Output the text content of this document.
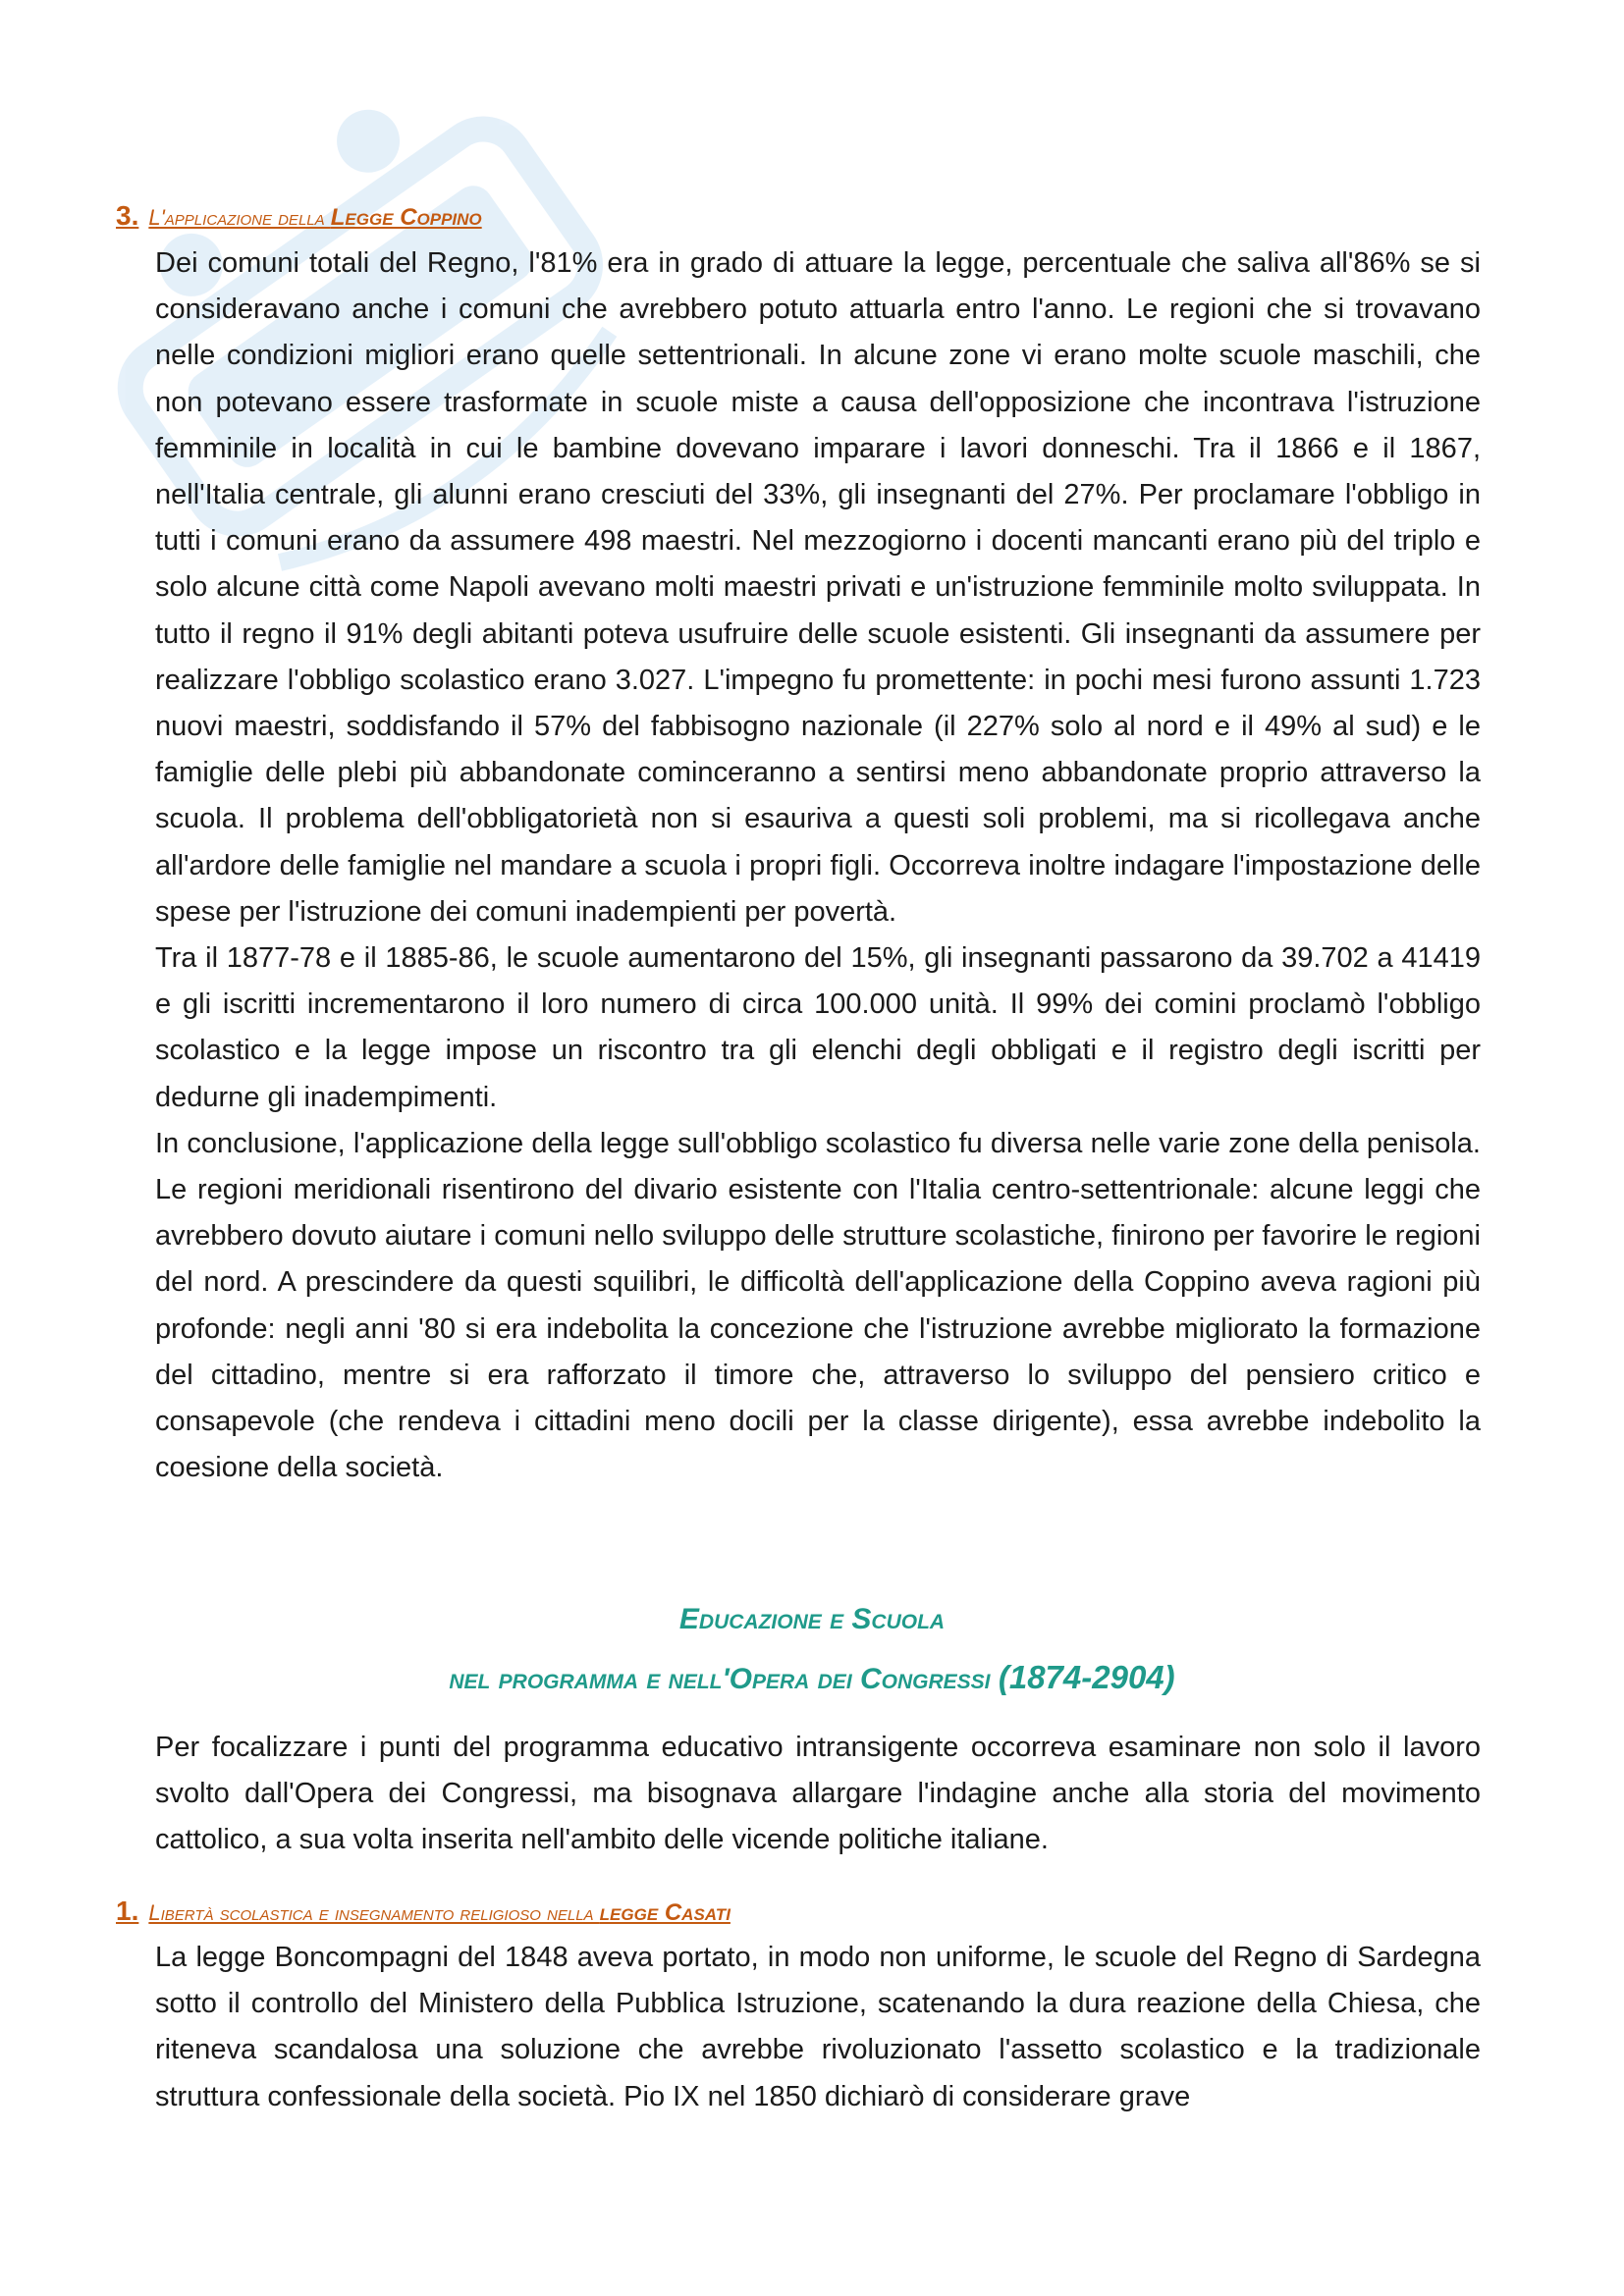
3. L'applicazione della Legge Coppino

Dei comuni totali del Regno, l'81% era in grado di attuare la legge, percentuale che saliva all'86% se si consideravano anche i comuni che avrebbero potuto attuarla entro l'anno. Le regioni che si trovavano nelle condizioni migliori erano quelle settentrionali. In alcune zone vi erano molte scuole maschili, che non potevano essere trasformate in scuole miste a causa dell'opposizione che incontrava l'istruzione femminile in località in cui le bambine dovevano imparare i lavori donneschi. Tra il 1866 e il 1867, nell'Italia centrale, gli alunni erano cresciuti del 33%, gli insegnanti del 27%. Per proclamare l'obbligo in tutti i comuni erano da assumere 498 maestri. Nel mezzogiorno i docenti mancanti erano più del triplo e solo alcune città come Napoli avevano molti maestri privati e un'istruzione femminile molto sviluppata. In tutto il regno il 91% degli abitanti poteva usufruire delle scuole esistenti. Gli insegnanti da assumere per realizzare l'obbligo scolastico erano 3.027. L'impegno fu promettente: in pochi mesi furono assunti 1.723 nuovi maestri, soddisfando il 57% del fabbisogno nazionale (il 227% solo al nord e il 49% al sud) e le famiglie delle plebi più abbandonate cominceranno a sentirsi meno abbandonate proprio attraverso la scuola. Il problema dell'obbligatorietà non si esauriva a questi soli problemi, ma si ricollegava anche all'ardore delle famiglie nel mandare a scuola i propri figli. Occorreva inoltre indagare l'impostazione delle spese per l'istruzione dei comuni inadempienti per povertà.

Tra il 1877-78 e il 1885-86, le scuole aumentarono del 15%, gli insegnanti passarono da 39.702 a 41419 e gli iscritti incrementarono il loro numero di circa 100.000 unità. Il 99% dei comini proclamò l'obbligo scolastico e la legge impose un riscontro tra gli elenchi degli obbligati e il registro degli iscritti per dedurne gli inadempimenti.

In conclusione, l'applicazione della legge sull'obbligo scolastico fu diversa nelle varie zone della penisola. Le regioni meridionali risentirono del divario esistente con l'Italia centro-settentrionale: alcune leggi che avrebbero dovuto aiutare i comuni nello sviluppo delle strutture scolastiche, finirono per favorire le regioni del nord. A prescindere da questi squilibri, le difficoltà dell'applicazione della Coppino aveva ragioni più profonde: negli anni '80 si era indebolita la concezione che l'istruzione avrebbe migliorato la formazione del cittadino, mentre si era rafforzato il timore che, attraverso lo sviluppo del pensiero critico e consapevole (che rendeva i cittadini meno docili per la classe dirigente), essa avrebbe indebolito la coesione della società.

Educazione e Scuola
nel programma e nell'Opera dei Congressi (1874-2904)

Per focalizzare i punti del programma educativo intransigente occorreva esaminare non solo il lavoro svolto dall'Opera dei Congressi, ma bisognava allargare l'indagine anche alla storia del movimento cattolico, a sua volta inserita nell'ambito delle vicende politiche italiane.

1. Libertà scolastica e insegnamento religioso nella legge Casati

La legge Boncompagni del 1848 aveva portato, in modo non uniforme, le scuole del Regno di Sardegna sotto il controllo del Ministero della Pubblica Istruzione, scatenando la dura reazione della Chiesa, che riteneva scandalosa una soluzione che avrebbe rivoluzionato l'assetto scolastico e la tradizionale struttura confessionale della società. Pio IX nel 1850 dichiarò di considerare grave
